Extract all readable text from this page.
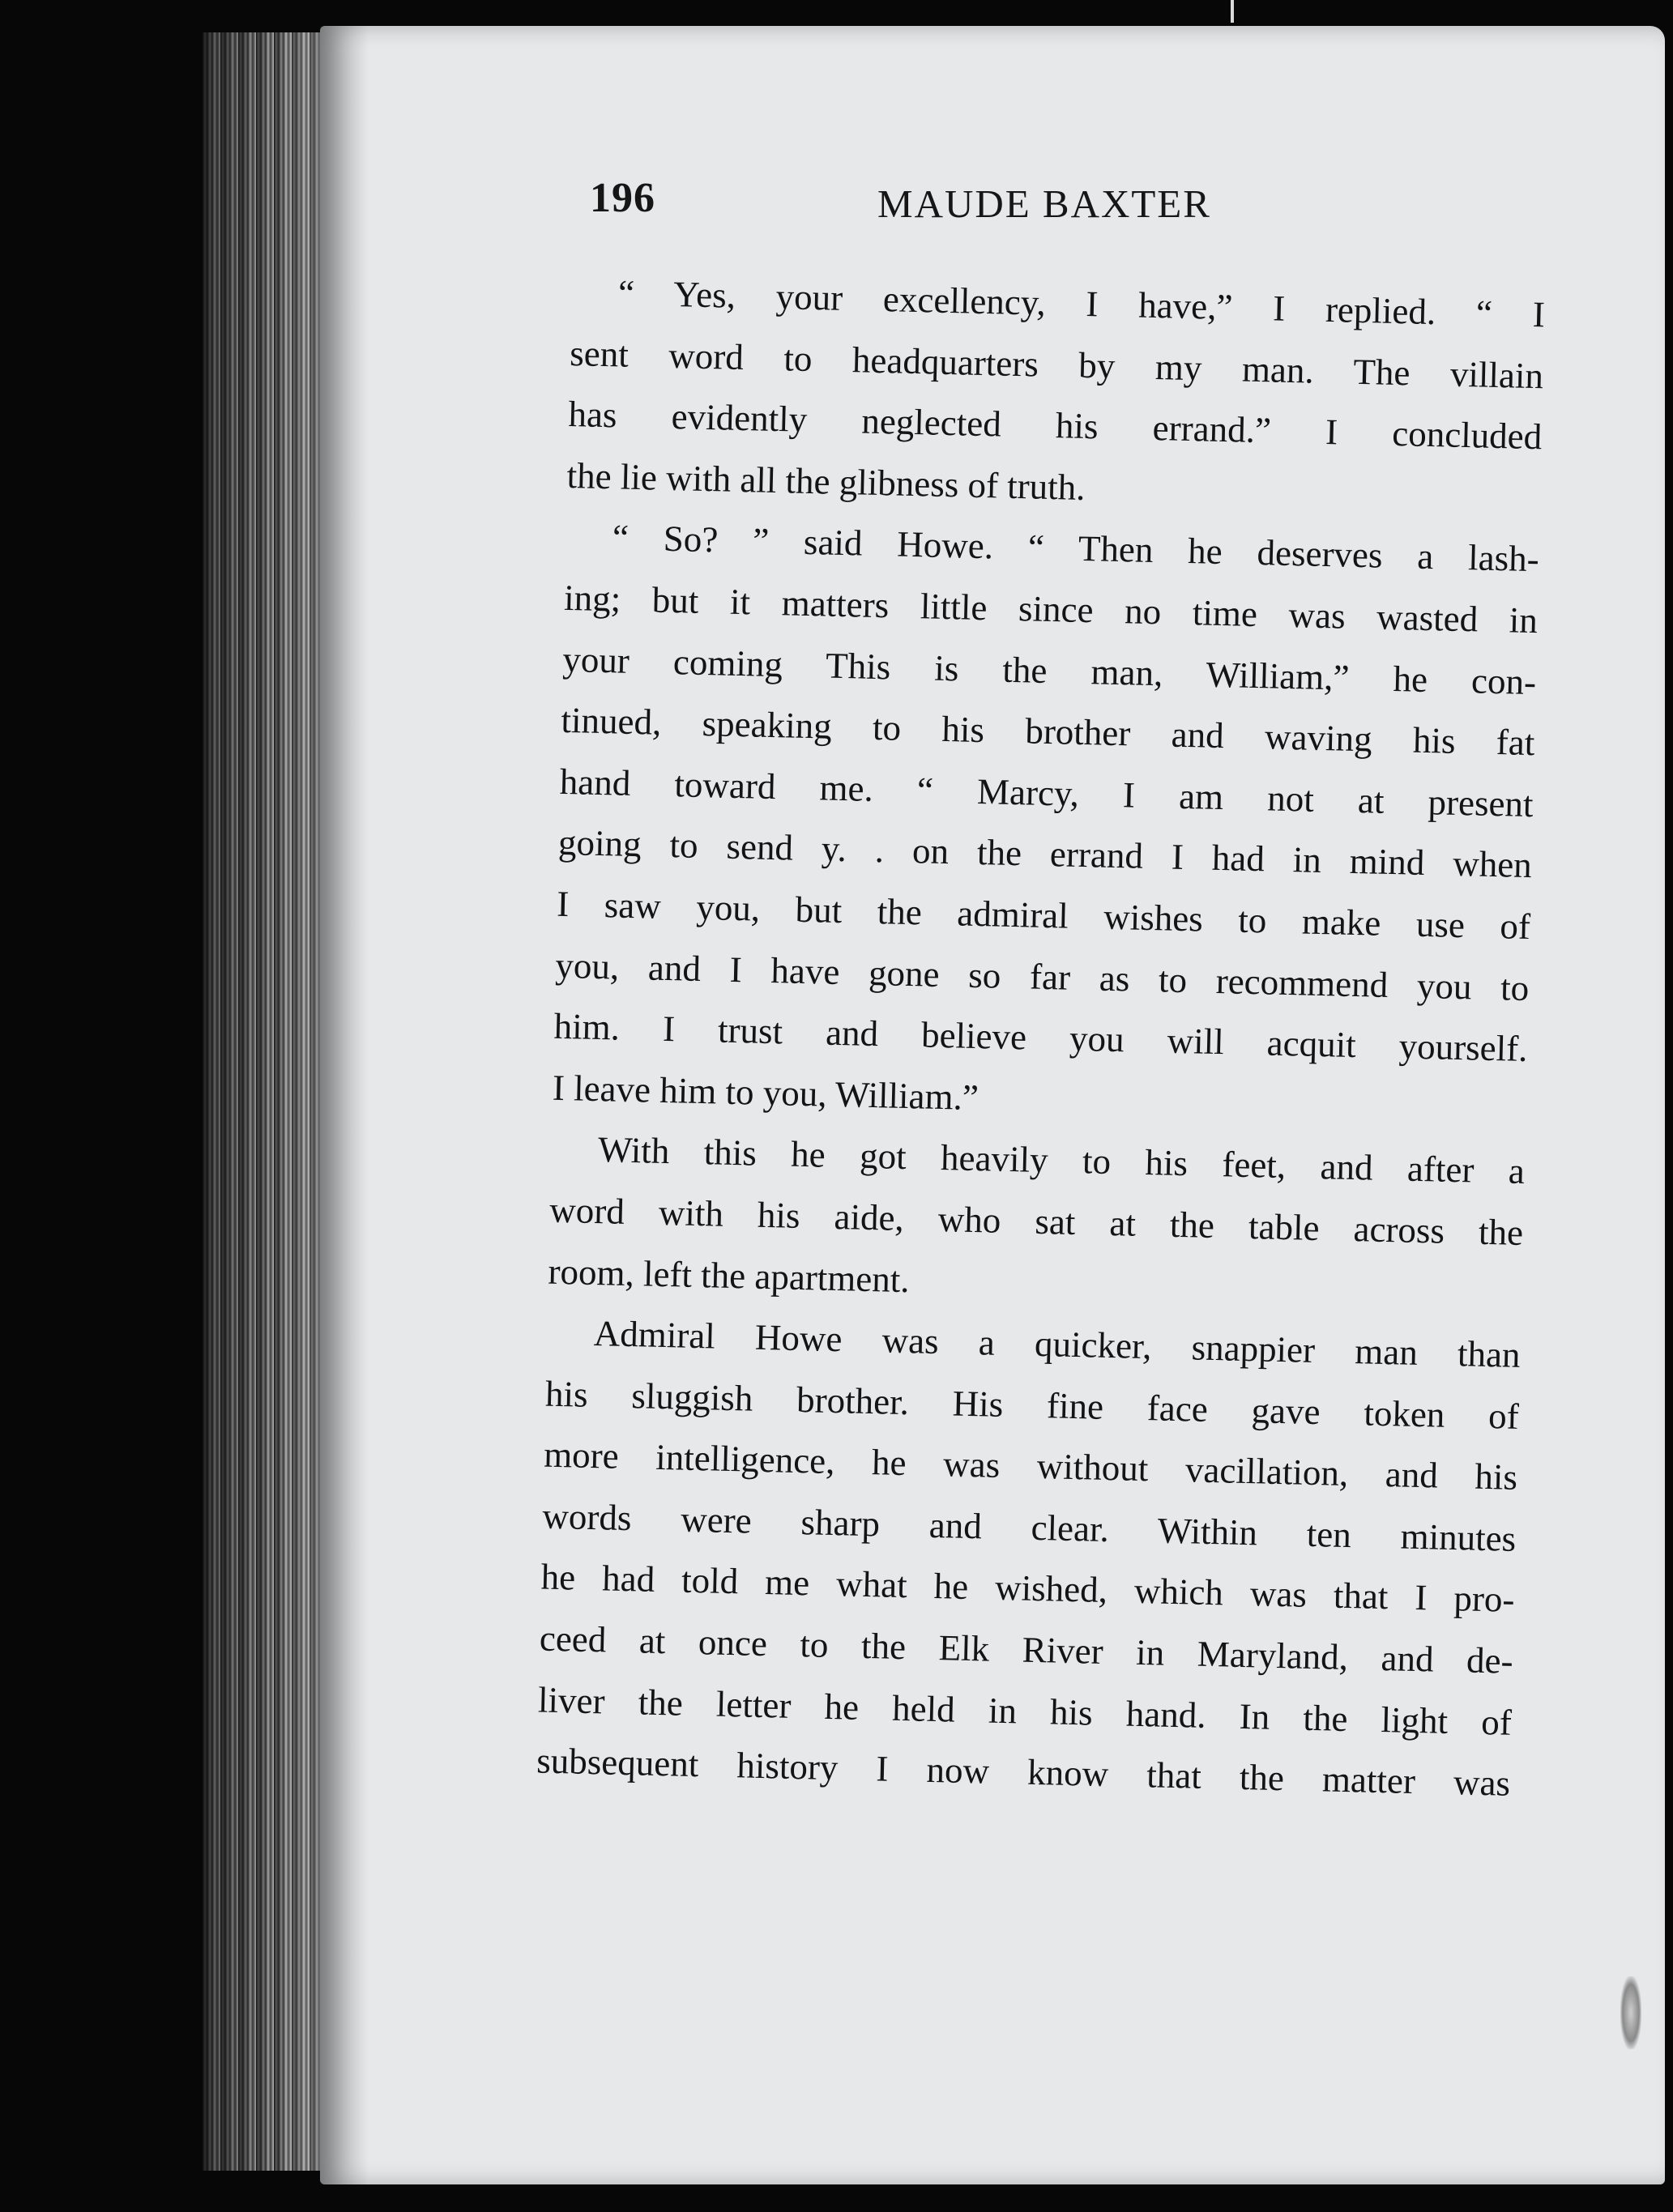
196	MAUDE BAXTER

“ Yes, your excellency, I have,” I replied. “ I
sent word to headquarters by my man. The villain
has evidently neglected his errand.” I concluded
the lie with all the glibness of truth.

“ So? ” said Howe. “ Then he deserves a lash-
ing; but it matters little since no time was wasted in
your coming This is the man, William,” he con-
tinued, speaking to his brother and waving his fat
hand toward me. “ Marcy, I am not at present
going to send y. . on the errand I had in mind when
I saw you, but the admiral wishes to make use of
you, and I have gone so far as to recommend you to
him. I trust and believe you will acquit yourself.
I leave him to you, William.”

With this he got heavily to his feet, and after a
word with his aide, who sat at the table across the
room, left the apartment.

Admiral Howe was a quicker, snappier man than
his sluggish brother. His fine face gave token of
more intelligence, he was without vacillation, and his
words were sharp and clear. Within ten minutes
he had told me what he wished, which was that I pro-
ceed at once to the Elk River in Maryland, and de-
liver the letter he held in his hand. In the light of
subsequent history I now know that the matter was
